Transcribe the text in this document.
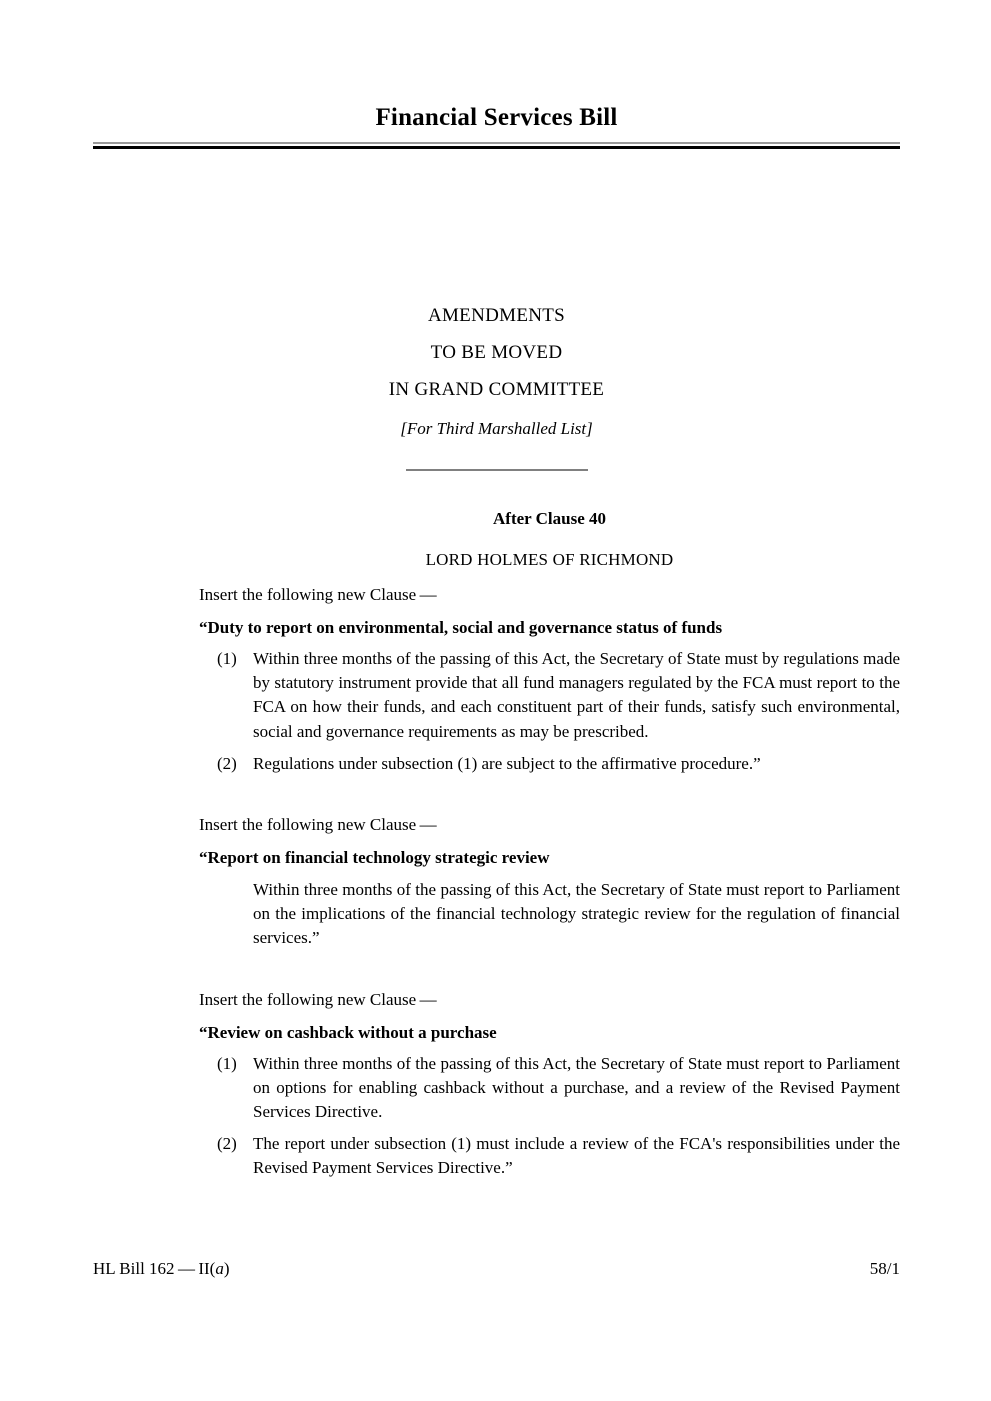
Financial Services Bill
AMENDMENTS
TO BE MOVED
IN GRAND COMMITTEE
[For Third Marshalled List]
After Clause 40
LORD HOLMES OF RICHMOND
Insert the following new Clause —
“Duty to report on environmental, social and governance status of funds
(1) Within three months of the passing of this Act, the Secretary of State must by regulations made by statutory instrument provide that all fund managers regulated by the FCA must report to the FCA on how their funds, and each constituent part of their funds, satisfy such environmental, social and governance requirements as may be prescribed.
(2) Regulations under subsection (1) are subject to the affirmative procedure.”
Insert the following new Clause —
“Report on financial technology strategic review
Within three months of the passing of this Act, the Secretary of State must report to Parliament on the implications of the financial technology strategic review for the regulation of financial services.”
Insert the following new Clause —
“Review on cashback without a purchase
(1) Within three months of the passing of this Act, the Secretary of State must report to Parliament on options for enabling cashback without a purchase, and a review of the Revised Payment Services Directive.
(2) The report under subsection (1) must include a review of the FCA's responsibilities under the Revised Payment Services Directive.”
HL Bill 162 — II(a)	58/1
